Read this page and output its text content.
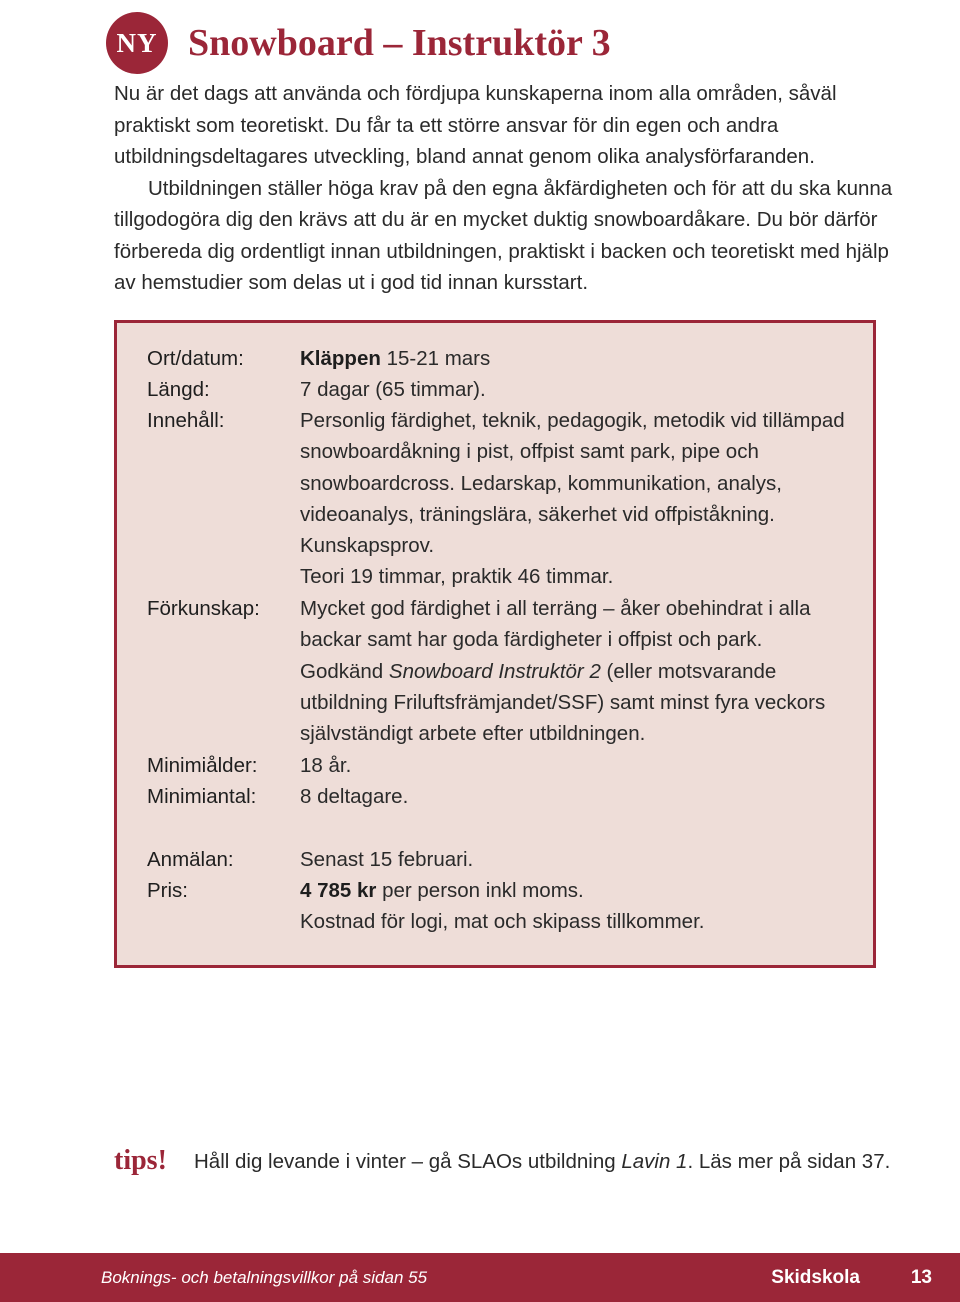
NY Snowboard – Instruktör 3

Nu är det dags att använda och fördjupa kunskaperna inom alla områden, såväl praktiskt som teoretiskt. Du får ta ett större ansvar för din egen och andra utbildningsdeltagares utveckling, bland annat genom olika analysförfaranden.

Utbildningen ställer höga krav på den egna åkfärdigheten och för att du ska kunna tillgodogöra dig den krävs att du är en mycket duktig snowboardåkare. Du bör därför förbereda dig ordentligt innan utbildningen, praktiskt i backen och teoretiskt med hjälp av hemstudier som delas ut i god tid innan kursstart.

Ort/datum:	Kläppen 15-21 mars
Längd:	7 dagar (65 timmar).
Innehåll:	Personlig färdighet, teknik, pedagogik, metodik vid tillämpad snowboardåkning i pist, offpist samt park, pipe och snowboardcross. Ledarskap, kommunikation, analys, videoanalys, träningslära, säkerhet vid offpiståkning. Kunskapsprov.

Teori 19 timmar, praktik 46 timmar.

Förkunskap: Mycket god färdighet i all terräng – åker obehindrat i alla backar samt har goda färdigheter i offpist och park.

Godkänd Snowboard Instruktör 2 (eller motsvarande utbildning Friluftsfrämjandet/SSF) samt minst fyra veckors självständigt arbete efter utbildningen.

Minimiålder: 18 år.
Minimiantal: 8 deltagare.
Anmälan:	Senast 15 februari.
Pris:	4 785 kr per person inkl moms.

Kostnad för logi, mat och skipass tillkommer.

tips! Håll dig levande i vinter – gå SLAOs utbildning Lavin 1. Läs mer på sidan 37.
Boknings- och betalningsvillkor på sidan 55	Skidskola	13
